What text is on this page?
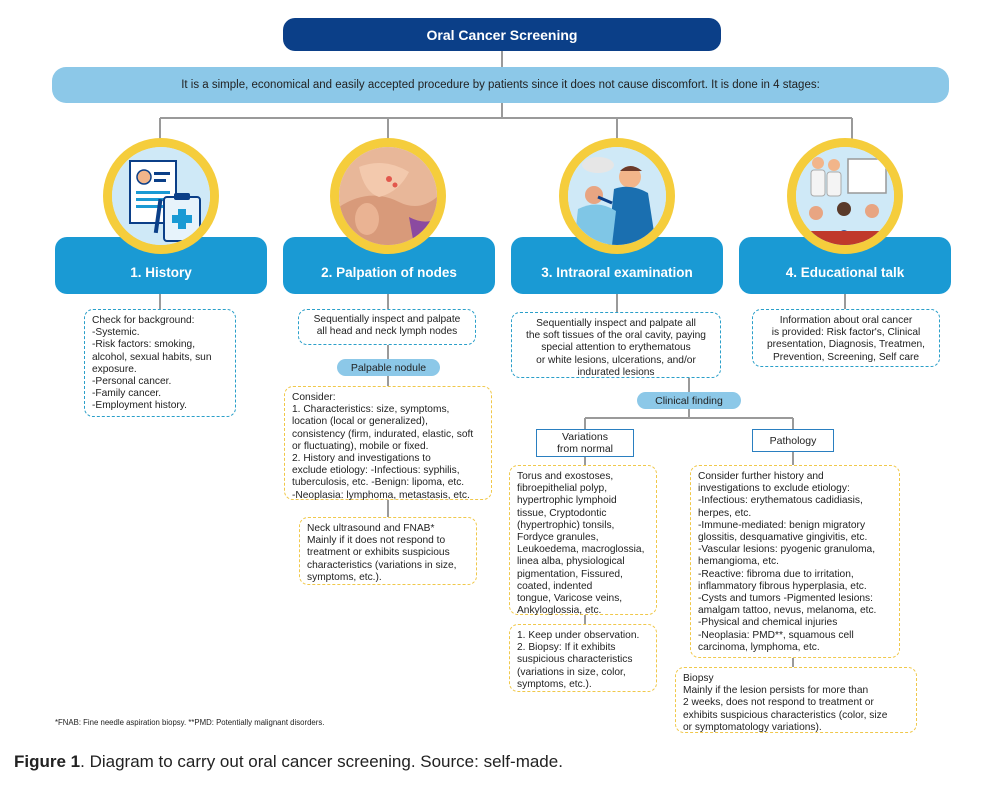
Oral Cancer Screening
It is a simple, economical and easily accepted procedure by patients since it does not cause discomfort. It is done in 4 stages:
1. History	2. Palpation of nodes	3. Intraoral examination	4. Educational talk
Check for background:
-Systemic.
-Risk factors: smoking,
alcohol, sexual habits, sun
exposure.
-Personal cancer.
-Family cancer.
-Employment history.
Sequentially inspect and palpate
all head and neck lymph nodes
Palpable nodule
Consider:
1. Characteristics: size, symptoms,
location (local or generalized),
consistency (firm, indurated, elastic, soft
or fluctuating), mobile or fixed.
2. History and investigations to
exclude etiology: -Infectious: syphilis,
tuberculosis, etc. -Benign: lipoma, etc.
-Neoplasia: lymphoma, metastasis, etc.
Neck ultrasound and FNAB*
Mainly if it does not respond to
treatment or exhibits suspicious
characteristics (variations in size,
symptoms, etc.).
Sequentially inspect and palpate all
the soft tissues of the oral cavity, paying
special attention to erythematous
or white lesions, ulcerations, and/or
indurated lesions
Clinical finding
Variations
from normal
Pathology
Torus and exostoses,
fibroepithelial polyp,
hypertrophic lymphoid
tissue, Cryptodontic
(hypertrophic) tonsils,
Fordyce granules,
Leukoedema, macroglossia,
linea alba, physiological
pigmentation, Fissured,
coated, indented
tongue, Varicose veins,
Ankyloglossia, etc.
1. Keep under observation.
2. Biopsy: If it exhibits
suspicious characteristics
(variations in size, color,
symptoms, etc.).
Consider further history and
investigations to exclude etiology:
-Infectious: erythematous cadidiasis,
herpes, etc.
-Immune-mediated: benign migratory
glossitis, desquamative gingivitis, etc.
-Vascular lesions: pyogenic granuloma,
hemangioma, etc.
-Reactive: fibroma due to irritation,
inflammatory fibrous hyperplasia, etc.
-Cysts and tumors -Pigmented lesions:
amalgam tattoo, nevus, melanoma, etc.
-Physical and chemical injuries
-Neoplasia: PMD**, squamous cell
carcinoma, lymphoma, etc.
Biopsy
Mainly if the lesion persists for more than
2 weeks, does not respond to treatment or
exhibits suspicious characteristics (color, size
or symptomatology variations).
Information about oral cancer
is provided: Risk factor's, Clinical
presentation, Diagnosis, Treatmen,
Prevention, Screening, Self care
*FNAB: Fine needle aspiration biopsy. **PMD: Potentially malignant disorders.
Figure 1. Diagram to carry out oral cancer screening. Source: self-made.
